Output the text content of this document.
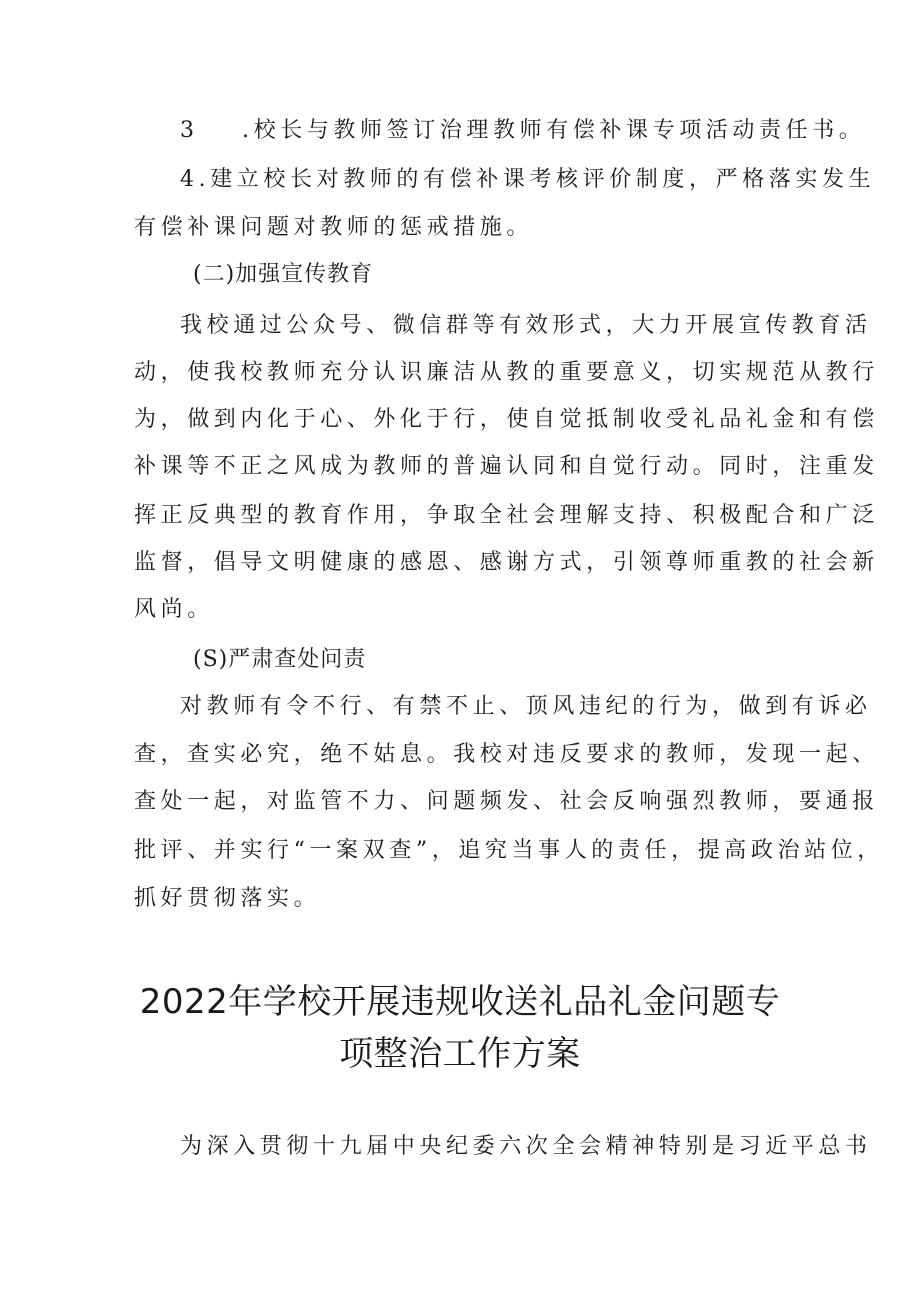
3 .校长与教师签订治理教师有偿补课专项活动责任书。
4.建立校长对教师的有偿补课考核评价制度，严格落实发生
有偿补课问题对教师的惩戒措施。
(二)加强宣传教育
我校通过公众号、微信群等有效形式，大力开展宣传教育活
动，使我校教师充分认识廉洁从教的重要意义，切实规范从教行
为，做到内化于心、外化于行，使自觉抵制收受礼品礼金和有偿
补课等不正之风成为教师的普遍认同和自觉行动。同时，注重发
挥正反典型的教育作用，争取全社会理解支持、积极配合和广泛
监督，倡导文明健康的感恩、感谢方式，引领尊师重教的社会新
风尚。
(S)严肃查处问责
对教师有令不行、有禁不止、顶风违纪的行为，做到有诉必
查，查实必究，绝不姑息。我校对违反要求的教师，发现一起、
查处一起，对监管不力、问题频发、社会反响强烈教师，要通报
批评、并实行“一案双查”，追究当事人的责任，提高政治站位，
抓好贯彻落实。
2022年学校开展违规收送礼品礼金问题专
项整治工作方案
为深入贯彻十九届中央纪委六次全会精神特别是习近平总书
